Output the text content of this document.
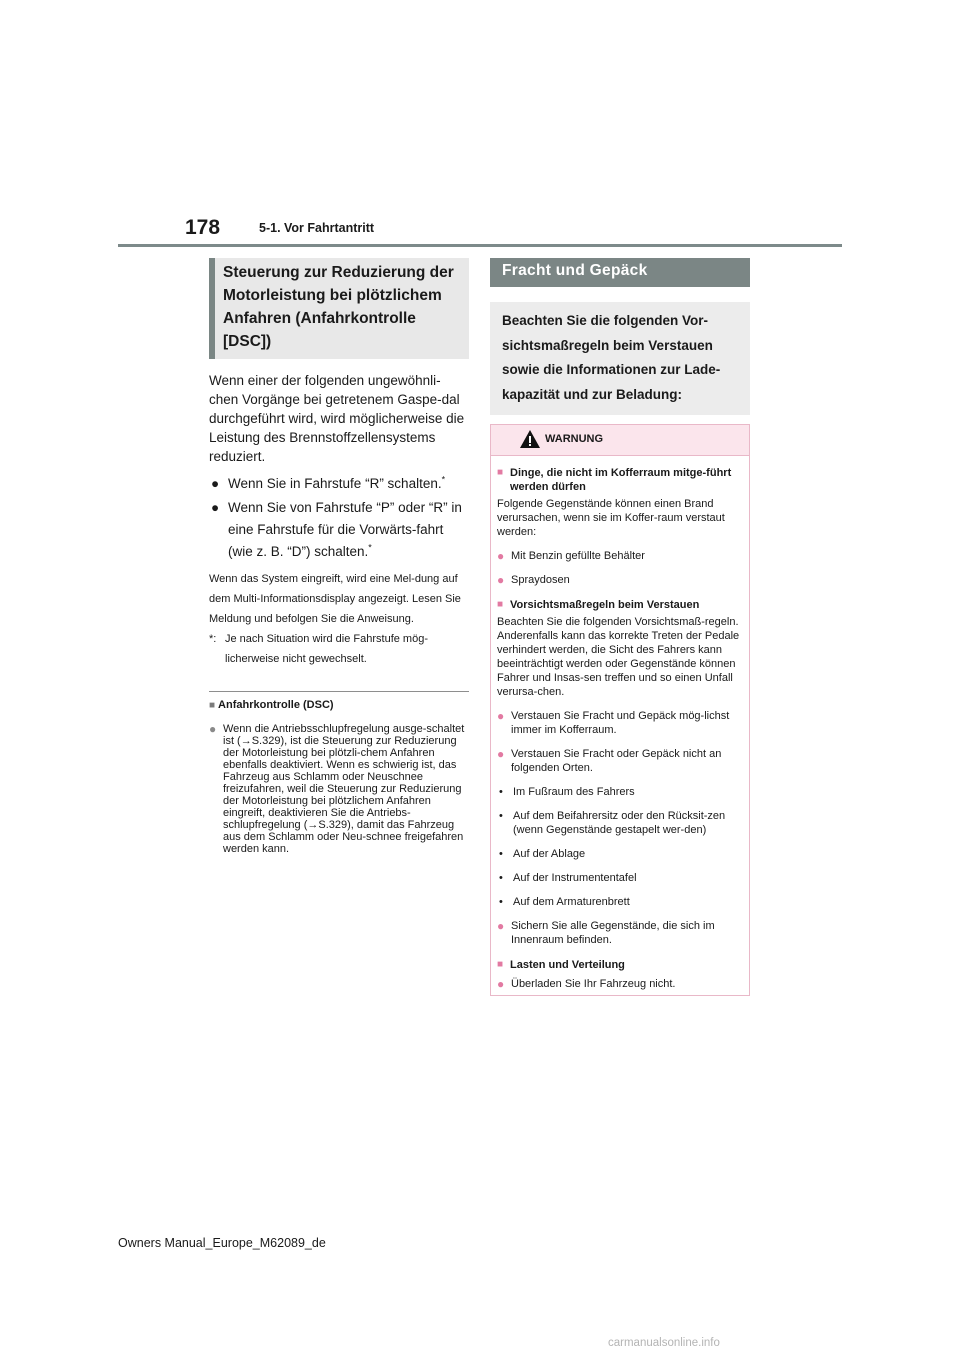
178	5-1. Vor Fahrtantritt
Steuerung zur Reduzierung der Motorleistung bei plötzlichem Anfahren (Anfahrkontrolle [DSC])

Wenn einer der folgenden ungewöhnli-chen Vorgänge bei getretenem Gaspe-dal durchgeführt wird, wird möglicherweise die Leistung des Brennstoffzellensystems reduziert.

● Wenn Sie in Fahrstufe “R” schalten.*
● Wenn Sie von Fahrstufe “P” oder “R” in eine Fahrstufe für die Vorwärts-fahrt (wie z. B. “D”) schalten.*

Wenn das System eingreift, wird eine Mel-dung auf dem Multi-Informationsdisplay angezeigt. Lesen Sie Meldung und befolgen Sie die Anweisung.

*: Je nach Situation wird die Fahrstufe mög-licherweise nicht gewechselt.

■ Anfahrkontrolle (DSC)
● Wenn die Antriebsschlupfregelung ausge-schaltet ist (→S.329), ist die Steuerung zur Reduzierung der Motorleistung bei plötzli-chem Anfahren ebenfalls deaktiviert. Wenn es schwierig ist, das Fahrzeug aus Schlamm oder Neuschnee freizufahren, weil die Steuerung zur Reduzierung der Motorleistung bei plötzlichem Anfahren eingreift, deaktivieren Sie die Antriebs-schlupfregelung (→S.329), damit das Fahrzeug aus dem Schlamm oder Neu-schnee freigefahren werden kann.
Fracht und Gepäck
Beachten Sie die folgenden Vor-sichtsmaßregeln beim Verstauen sowie die Informationen zur Lade-kapazität und zur Beladung:
WARNUNG
■ Dinge, die nicht im Kofferraum mitge-führt werden dürfen
Folgende Gegenstände können einen Brand verursachen, wenn sie im Koffer-raum verstaut werden:
● Mit Benzin gefüllte Behälter
● Spraydosen
■ Vorsichtsmaßregeln beim Verstauen
Beachten Sie die folgenden Vorsichtsmaß-regeln.
Anderenfalls kann das korrekte Treten der Pedale verhindert werden, die Sicht des Fahrers kann beeinträchtigt werden oder Gegenstände können Fahrer und Insas-sen treffen und so einen Unfall verursa-chen.
● Verstauen Sie Fracht und Gepäck mög-lichst immer im Kofferraum.
● Verstauen Sie Fracht oder Gepäck nicht an folgenden Orten.
• Im Fußraum des Fahrers
• Auf dem Beifahrersitz oder den Rücksit-zen (wenn Gegenstände gestapelt wer-den)
• Auf der Ablage
• Auf der Instrumententafel
• Auf dem Armaturenbrett
● Sichern Sie alle Gegenstände, die sich im Innenraum befinden.
■ Lasten und Verteilung
● Überladen Sie Ihr Fahrzeug nicht.
Owners Manual_Europe_M62089_de
carmanualsonline.info
